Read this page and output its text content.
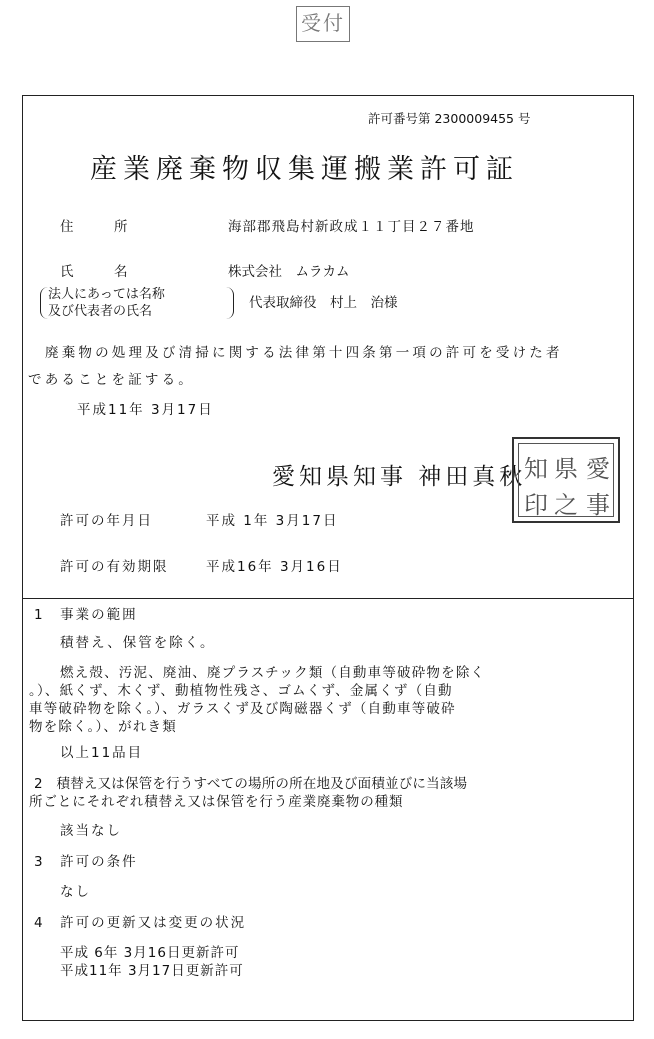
受付
許可番号第 2300009455 号
産業廃棄物収集運搬業許可証
住　　　所	海部郡飛島村新政成１１丁目２７番地
氏　　　名	株式会社　ムラカム
法人にあっては名称
及び代表者の氏名
代表取締役　村上　治様
廃棄物の処理及び清掃に関する法律第十四条第一項の許可を受けた者
であることを証する。
平成11年 3月17日
愛知県知事 神田真秋
知 県 愛
印 之 事
許可の年月日	平成 1年 3月17日
許可の有効期限	平成16年 3月16日
1　事業の範囲
積替え、保管を除く。
燃え殻、汚泥、廃油、廃プラスチック類（自動車等破砕物を除く
。）、紙くず、木くず、動植物性残さ、ゴムくず、金属くず（自動
車等破砕物を除く。）、ガラスくず及び陶磁器くず（自動車等破砕
物を除く。）、がれき類
以上11品目
2　積替え又は保管を行うすべての場所の所在地及び面積並びに当該場
所ごとにそれぞれ積替え又は保管を行う産業廃棄物の種類
該当なし
3　許可の条件
なし
4　許可の更新又は変更の状況
平成 6年 3月16日更新許可
平成11年 3月17日更新許可
